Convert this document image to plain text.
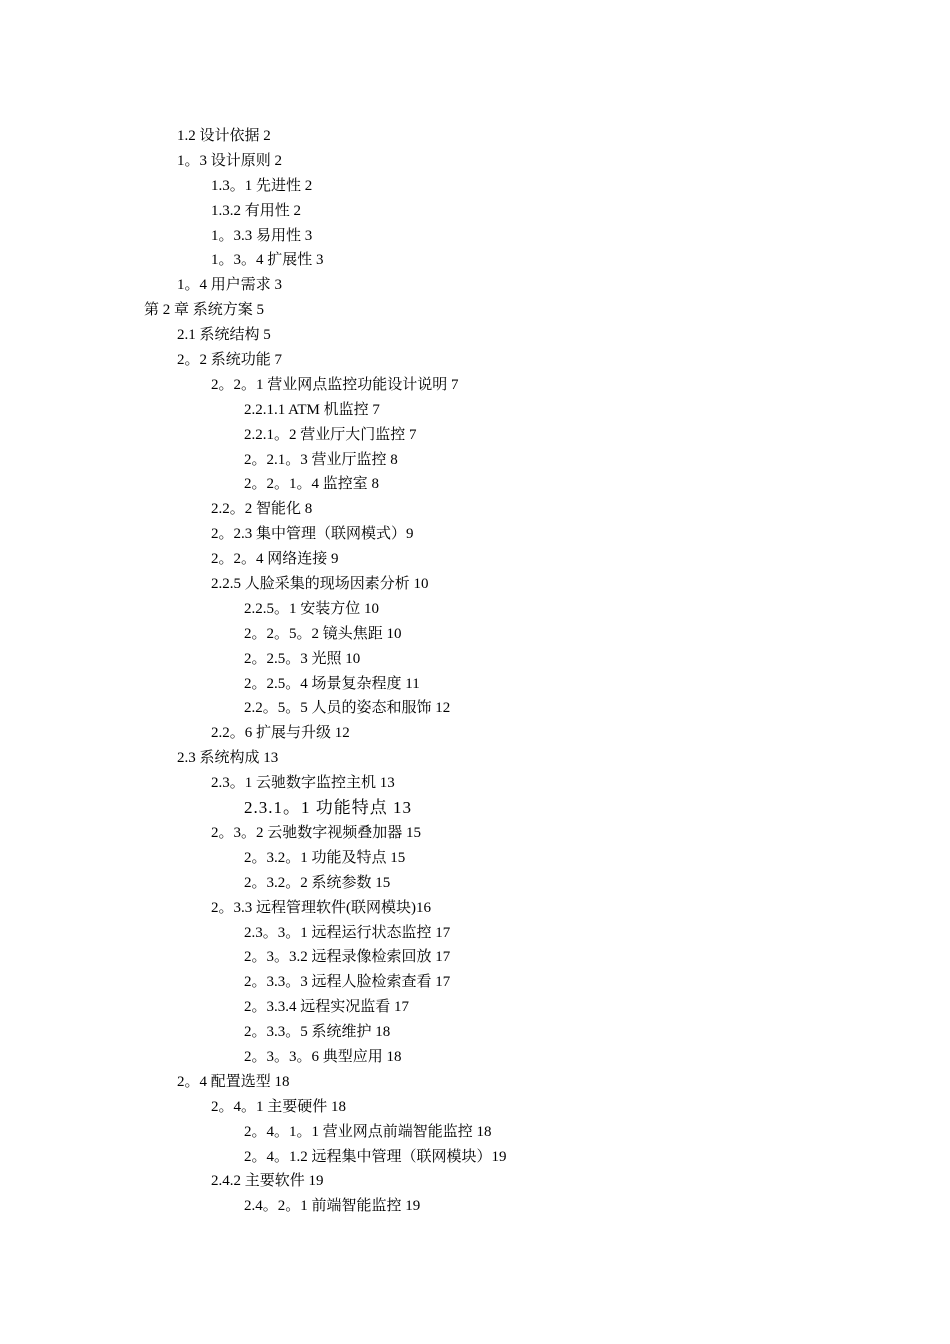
1.2 设计依据 2
1。3 设计原则 2
1.3。1 先进性 2
1.3.2 有用性 2
1。3.3 易用性 3
1。3。4 扩展性 3
1。4 用户需求 3
第 2 章 系统方案 5
2.1 系统结构 5
2。2 系统功能 7
2。2。1 营业网点监控功能设计说明 7
2.2.1.1 ATM 机监控 7
2.2.1。2 营业厅大门监控 7
2。2.1。3 营业厅监控 8
2。2。1。4 监控室 8
2.2。2 智能化 8
2。2.3 集中管理（联网模式）9
2。2。4 网络连接 9
2.2.5 人脸采集的现场因素分析 10
2.2.5。1 安装方位 10
2。2。5。2 镜头焦距 10
2。2.5。3 光照 10
2。2.5。4 场景复杂程度 11
2.2。5。5 人员的姿态和服饰 12
2.2。6 扩展与升级 12
2.3 系统构成 13
2.3。1 云驰数字监控主机 13
2.3.1。1 功能特点 13
2。3。2 云驰数字视频叠加器 15
2。3.2。1 功能及特点 15
2。3.2。2 系统参数 15
2。3.3 远程管理软件(联网模块)16
2.3。3。1 远程运行状态监控 17
2。3。3.2 远程录像检索回放 17
2。3.3。3 远程人脸检索查看 17
2。3.3.4 远程实况监看 17
2。3.3。5 系统维护 18
2。3。3。6 典型应用 18
2。4 配置选型 18
2。4。1 主要硬件 18
2。4。1。1 营业网点前端智能监控 18
2。4。1.2 远程集中管理（联网模块）19
2.4.2 主要软件 19
2.4。2。1 前端智能监控 19
